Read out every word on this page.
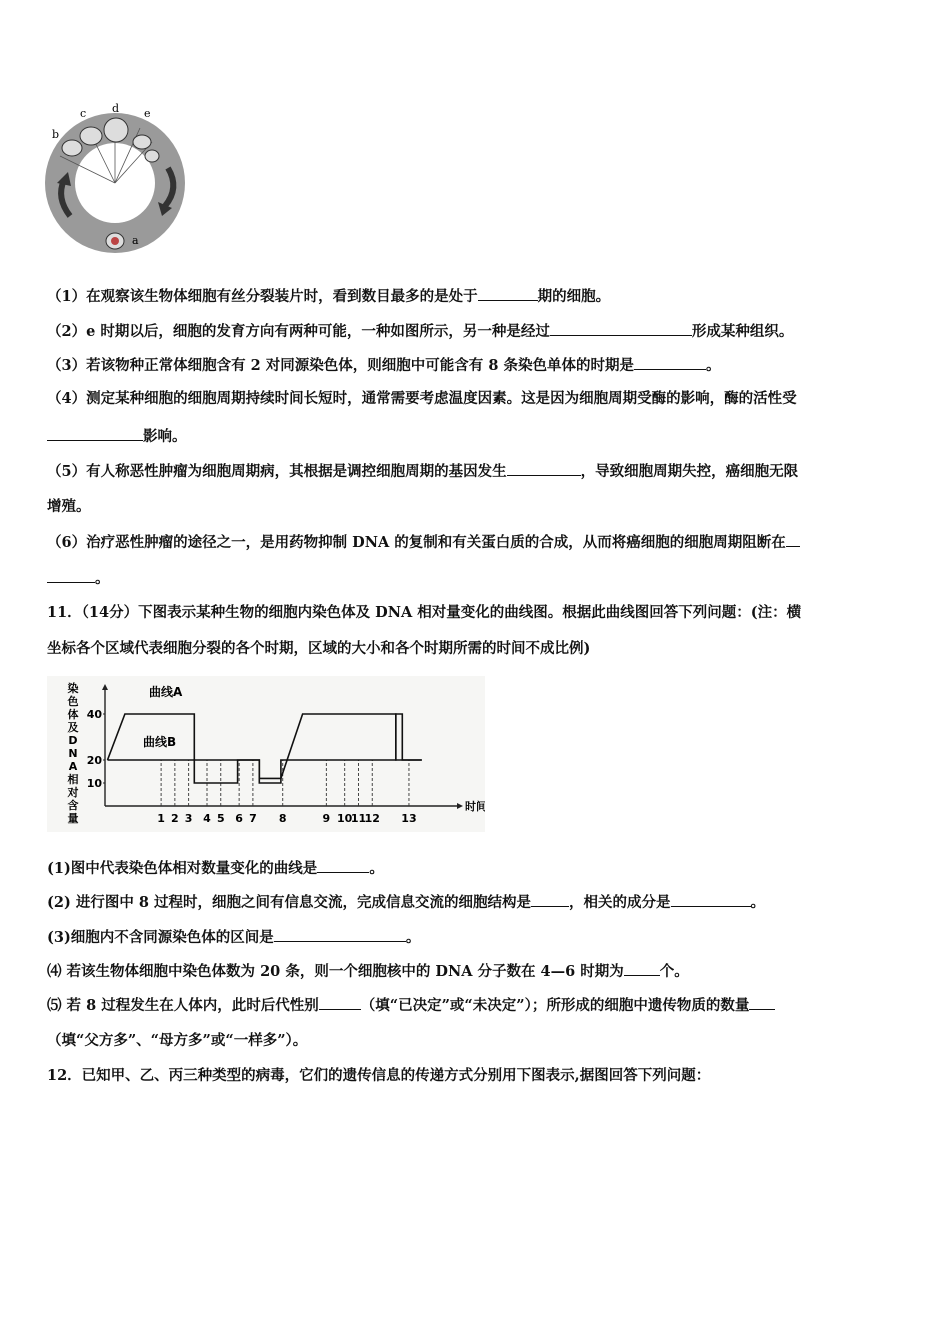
b
c d e
a
（1）在观察该生物体细胞有丝分裂装片时，看到数目最多的是处于	期的细胞。
（2）e 时期以后，细胞的发育方向有两种可能，一种如图所示，另一种是经过	形成某种组织。
（3）若该物种正常体细胞含有 2 对同源染色体，则细胞中可能含有 8 条染色单体的时期是	。
（4）测定某种细胞的细胞周期持续时间长短时，通常需要考虑温度因素。这是因为细胞周期受酶的影响，酶的活性受
影响。
（5）有人称恶性肿瘤为细胞周期病，其根据是调控细胞周期的基因发生	，导致细胞周期失控，癌细胞无限
增殖。
（6）治疗恶性肿瘤的途径之一，是用药物抑制 DNA 的复制和有关蛋白质的合成，从而将癌细胞的细胞周期阻断在
。
11．（14分）下图表示某种生物的细胞内染色体及 DNA 相对量变化的曲线图。根据此曲线图回答下列问题：(注：横
坐标各个区域代表细胞分裂的各个时期，区域的大小和各个时期所需的时间不成比例)
染
色
体
及
D
N
A
相
对
含
量
时间
10
20
40
1 2 3 4 5 6 7 8	9 10
11
12 13
曲线A
曲线B
(1)图中代表染色体相对数量变化的曲线是	。
(2) 进行图中 8 过程时，细胞之间有信息交流，完成信息交流的细胞结构是	，相关的成分是	。
(3)细胞内不含同源染色体的区间是	。
⑷ 若该生物体细胞中染色体数为 20 条，则一个细胞核中的 DNA 分子数在 4—6 时期为 个。
⑸ 若 8 过程发生在人体内，此时后代性别	（填“已决定”或“未决定”）；所形成的细胞中遗传物质的数量
（填“父方多”、“母方多”或“一样多”）。
12．已知甲、乙、丙三种类型的病毒，它们的遗传信息的传递方式分别用下图表示,据图回答下列问题：
